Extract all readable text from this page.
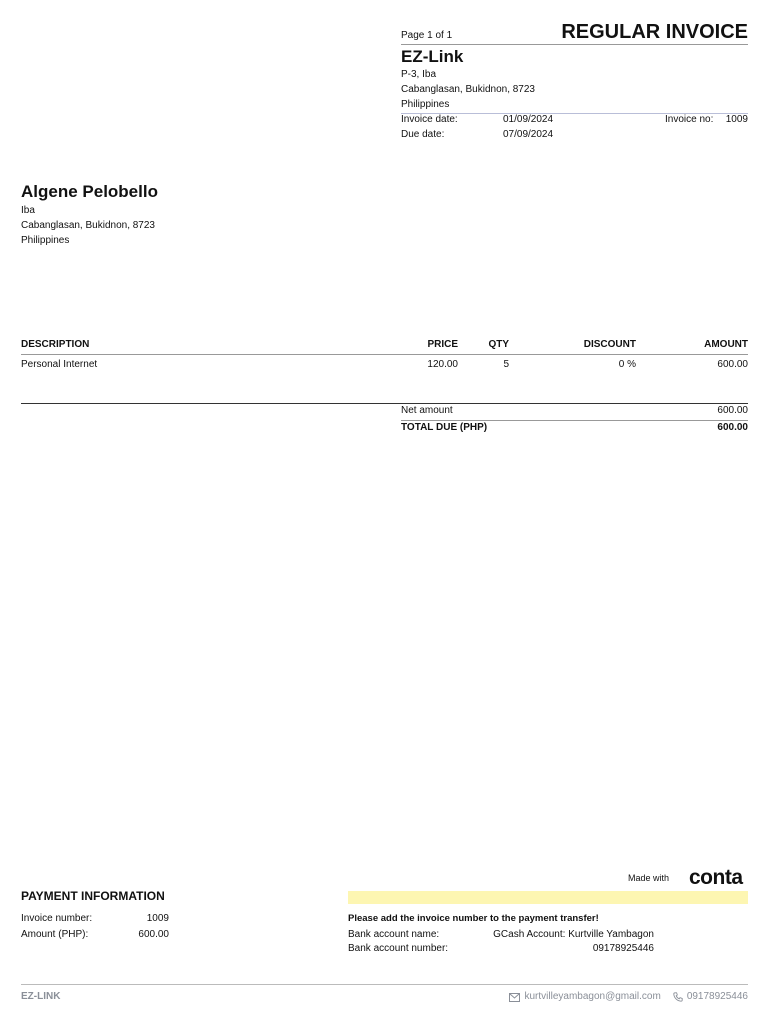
Page 1 of 1	REGULAR INVOICE
EZ-Link
P-3, Iba
Cabanglasan, Bukidnon, 8723
Philippines
Invoice date:	01/09/2024	Invoice no: 1009
Due date:	07/09/2024
Algene Pelobello
Iba
Cabanglasan, Bukidnon, 8723
Philippines
DESCRIPTION	PRICE	QTY	DISCOUNT	AMOUNT
Personal Internet	120.00	5	0 %	600.00
Net amount	600.00
TOTAL DUE (PHP)	600.00
Made with conta
PAYMENT INFORMATION
Invoice number:	1009
Amount (PHP):	600.00
Please add the invoice number to the payment transfer!
Bank account name:	GCash Account: Kurtville Yambagon
Bank account number:	09178925446
EZ-LINK	kurtvilleyambagon@gmail.com	09178925446
